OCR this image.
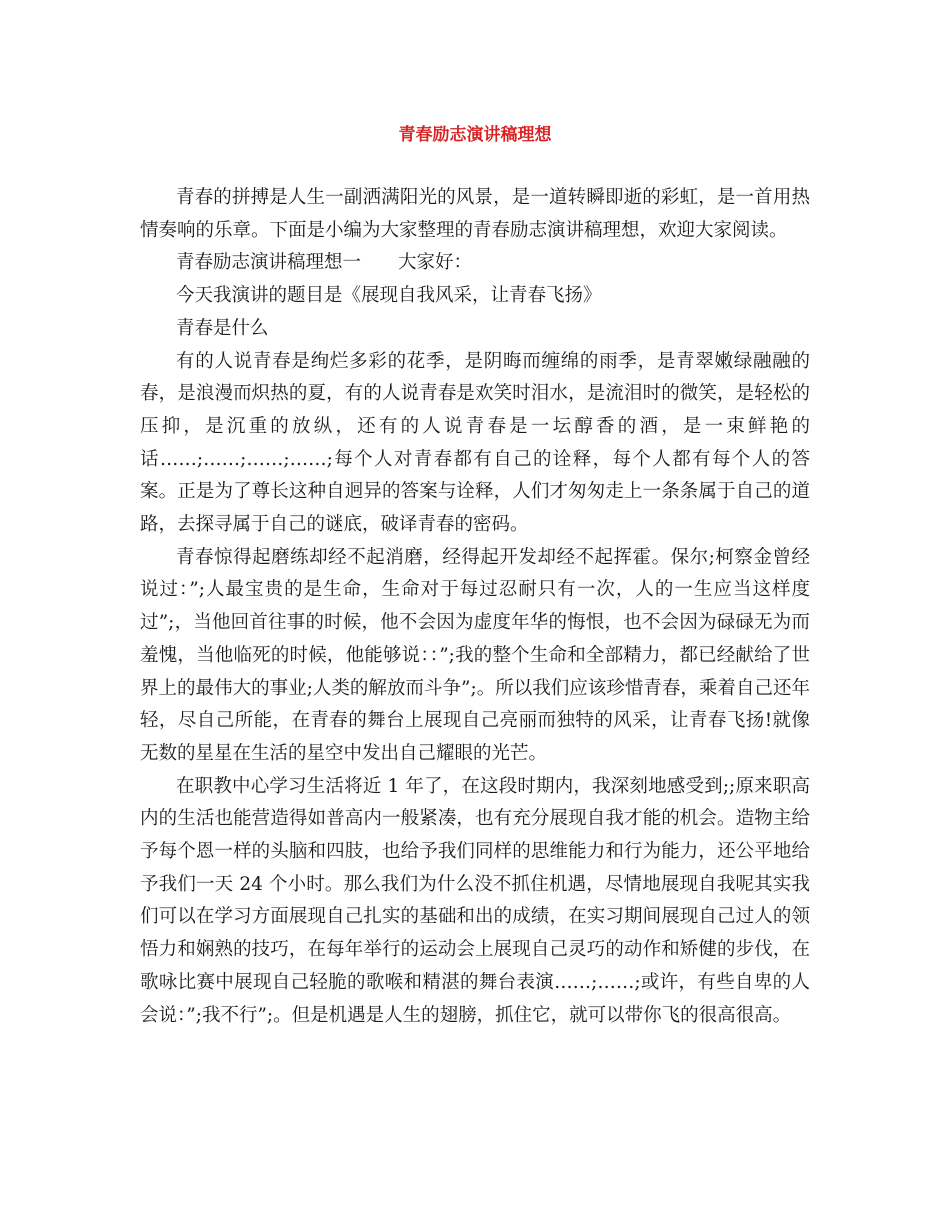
青春励志演讲稿理想

青春的拼搏是人生一副洒满阳光的风景，是一道转瞬即逝的彩虹，是一首用热情奏响的乐章。下面是小编为大家整理的青春励志演讲稿理想，欢迎大家阅读。

青春励志演讲稿理想一　　大家好：

今天我演讲的题目是《展现自我风采，让青春飞扬》

青春是什么

有的人说青春是绚烂多彩的花季，是阴晦而缠绵的雨季，是青翠嫩绿融融的春，是浪漫而炽热的夏，有的人说青春是欢笑时泪水，是流泪时的微笑，是轻松的压抑，是沉重的放纵，还有的人说青春是一坛醇香的酒，是一束鲜艳的话……;……;……;……;每个人对青春都有自己的诠释，每个人都有每个人的答案。正是为了尊长这种自迥异的答案与诠释，人们才匆匆走上一条条属于自己的道路，去探寻属于自己的谜底，破译青春的密码。

青春惊得起磨练却经不起消磨，经得起开发却经不起挥霍。保尔;柯察金曾经说过：”;人最宝贵的是生命，生命对于每过忍耐只有一次，人的一生应当这样度过”;，当他回首往事的时候，他不会因为虚度年华的悔恨，也不会因为碌碌无为而羞愧，当他临死的时候，他能够说：：”;我的整个生命和全部精力，都已经献给了世界上的最伟大的事业;人类的解放而斗争”;。所以我们应该珍惜青春，乘着自己还年轻，尽自己所能，在青春的舞台上展现自己亮丽而独特的风采，让青春飞扬!就像无数的星星在生活的星空中发出自己耀眼的光芒。

在职教中心学习生活将近 1 年了，在这段时期内，我深刻地感受到;;原来职高内的生活也能营造得如普高内一般紧凑，也有充分展现自我才能的机会。造物主给予每个恩一样的头脑和四肢，也给予我们同样的思维能力和行为能力，还公平地给予我们一天 24 个小时。那么我们为什么没不抓住机遇，尽情地展现自我呢其实我们可以在学习方面展现自己扎实的基础和出的成绩，在实习期间展现自己过人的领悟力和娴熟的技巧，在每年举行的运动会上展现自己灵巧的动作和矫健的步伐，在歌咏比赛中展现自己轻脆的歌喉和精湛的舞台表演……;……;或许，有些自卑的人会说：”;我不行”;。但是机遇是人生的翅膀，抓住它，就可以带你飞的很高很高。
